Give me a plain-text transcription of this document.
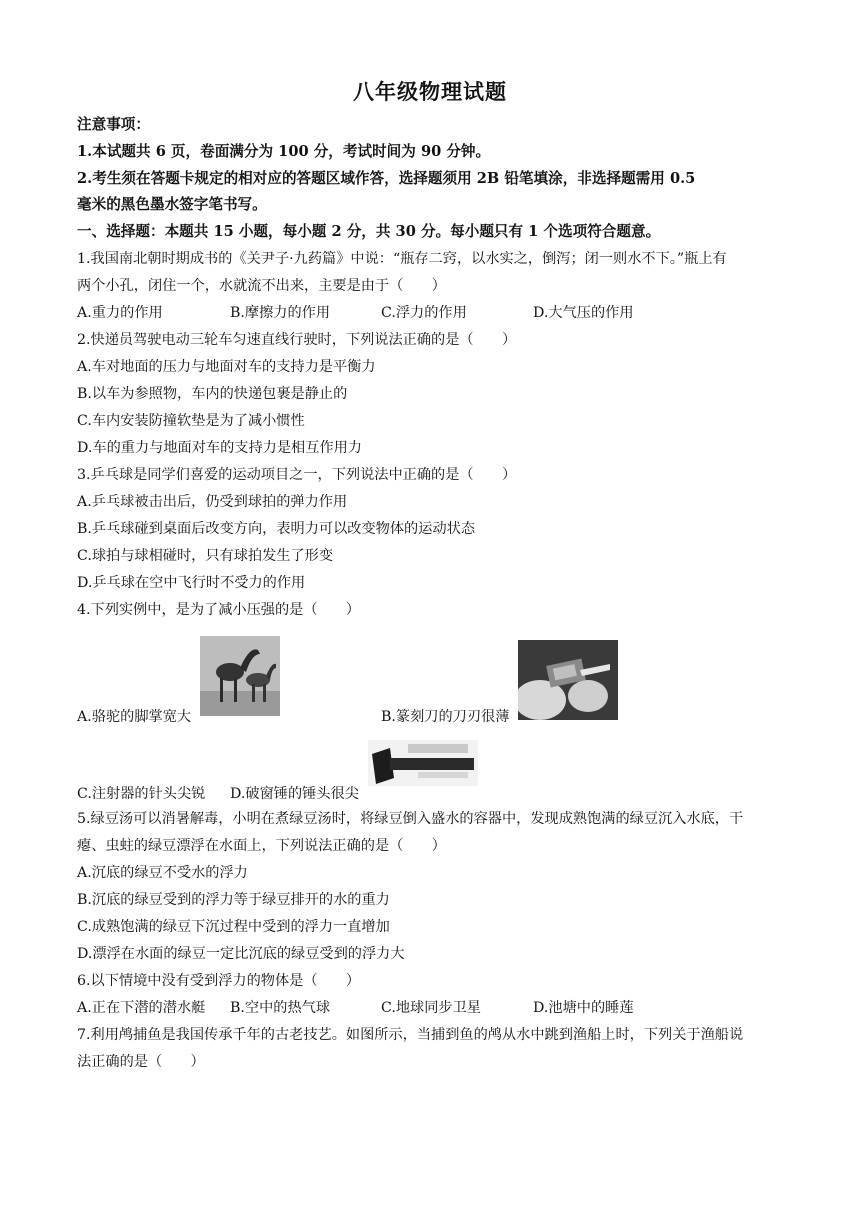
八年级物理试题
注意事项：
1.本试题共 6 页，卷面满分为 100 分，考试时间为 90 分钟。
2.考生须在答题卡规定的相对应的答题区域作答，选择题须用 2B 铅笔填涂，非选择题需用 0.5
毫米的黑色墨水签字笔书写。
一、选择题：本题共 15 小题，每小题 2 分，共 30 分。每小题只有 1 个选项符合题意。
1.我国南北朝时期成书的《关尹子·九药篇》中说：“瓶存二窍，以水实之，倒泻；闭一则水不下。”瓶上有
两个小孔，闭住一个，水就流不出来，主要是由于（　　）
A.重力的作用	B.摩擦力的作用	C.浮力的作用	D.大气压的作用
2.快递员驾驶电动三轮车匀速直线行驶时，下列说法正确的是（　　）
A.车对地面的压力与地面对车的支持力是平衡力
B.以车为参照物，车内的快递包裹是静止的
C.车内安装防撞软垫是为了减小惯性
D.车的重力与地面对车的支持力是相互作用力
3.乒乓球是同学们喜爱的运动项目之一，下列说法中正确的是（　　）
A.乒乓球被击出后，仍受到球拍的弹力作用
B.乒乓球碰到桌面后改变方向，表明力可以改变物体的运动状态
C.球拍与球相碰时，只有球拍发生了形变
D.乒乓球在空中飞行时不受力的作用
4.下列实例中，是为了减小压强的是（　　）
A.骆驼的脚掌宽大	B.篆刻刀的刀刃很薄
C.注射器的针头尖锐 D.破窗锤的锤头很尖
5.绿豆汤可以消暑解毒，小明在煮绿豆汤时，将绿豆倒入盛水的容器中，发现成熟饱满的绿豆沉入水底，干
瘪、虫蛀的绿豆漂浮在水面上，下列说法正确的是（　　）
A.沉底的绿豆不受水的浮力
B.沉底的绿豆受到的浮力等于绿豆排开的水的重力
C.成熟饱满的绿豆下沉过程中受到的浮力一直增加
D.漂浮在水面的绿豆一定比沉底的绿豆受到的浮力大
6.以下情境中没有受到浮力的物体是（　　）
A.正在下潜的潜水艇 B.空中的热气球	C.地球同步卫星	D.池塘中的睡莲
7.利用鸬捕鱼是我国传承千年的古老技艺。如图所示，当捕到鱼的鸬从水中跳到渔船上时，下列关于渔船说
法正确的是（　　）
